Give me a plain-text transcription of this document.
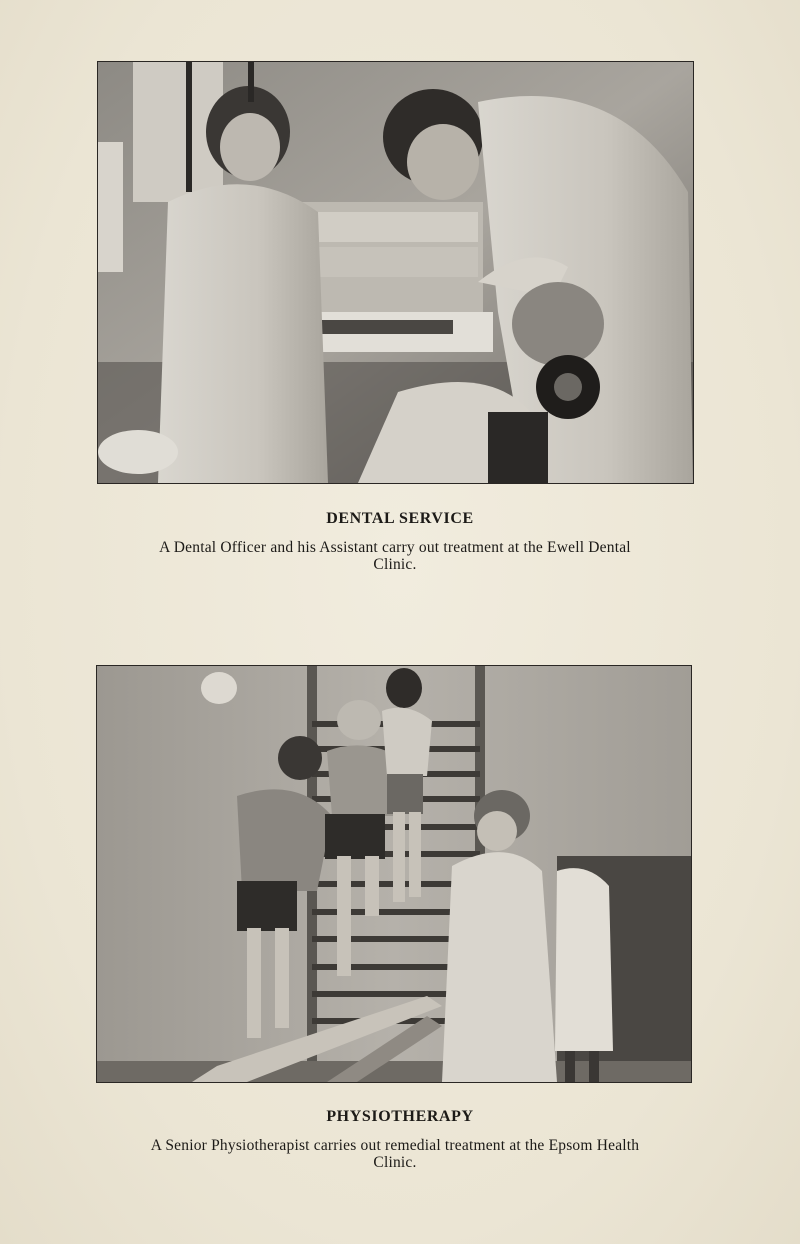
DENTAL SERVICE
A Dental Officer and his Assistant carry out treatment at the Ewell Dental Clinic.
PHYSIOTHERAPY
A Senior Physiotherapist carries out remedial treatment at the Epsom Health Clinic.
